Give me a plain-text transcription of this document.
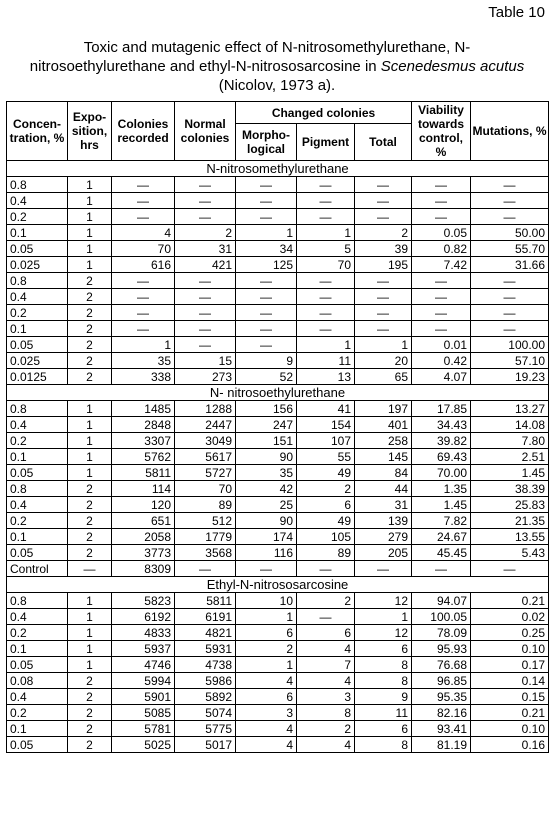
Table 10
Toxic and mutagenic effect of N-nitrosomethylurethane, N-
nitrosoethylurethane and ethyl-N-nitrososarcosine in Scenedesmus acutus
(Nicolov, 1973 a).
Concen- tration, %	Expo- sition, hrs	Colonies recorded	Normal colonies	Changed colonies			Viability towards control, %	Mutations, %
				Morpho- logical	Pigment	Total		
N-nitrosomethylurethane								
0.8	1	—	—	—	—	—	—	—
0.4	1	—	—	—	—	—	—	—
0.2	1	—	—	—	—	—	—	—
0.1	1	4	2	1	1	2	0.05	50.00
0.05	1	70	31	34	5	39	0.82	55.70
0.025	1	616	421	125	70	195	7.42	31.66
0.8	2	—	—	—	—	—	—	—
0.4	2	—	—	—	—	—	—	—
0.2	2	—	—	—	—	—	—	—
0.1	2	—	—	—	—	—	—	—
0.05	2	1	—	—	1	1	0.01	100.00
0.025	2	35	15	9	11	20	0.42	57.10
0.0125	2	338	273	52	13	65	4.07	19.23
N- nitrosoethylurethane								
0.8	1	1485	1288	156	41	197	17.85	13.27
0.4	1	2848	2447	247	154	401	34.43	14.08
0.2	1	3307	3049	151	107	258	39.82	7.80
0.1	1	5762	5617	90	55	145	69.43	2.51
0.05	1	5811	5727	35	49	84	70.00	1.45
0.8	2	114	70	42	2	44	1.35	38.39
0.4	2	120	89	25	6	31	1.45	25.83
0.2	2	651	512	90	49	139	7.82	21.35
0.1	2	2058	1779	174	105	279	24.67	13.55
0.05	2	3773	3568	116	89	205	45.45	5.43
Control	—	8309	—	—	—	—	—	—
Ethyl-N-nitrososarcosine								
0.8	1	5823	5811	10	2	12	94.07	0.21
0.4	1	6192	6191	1	—	1	100.05	0.02
0.2	1	4833	4821	6	6	12	78.09	0.25
0.1	1	5937	5931	2	4	6	95.93	0.10
0.05	1	4746	4738	1	7	8	76.68	0.17
0.08	2	5994	5986	4	4	8	96.85	0.14
0.4	2	5901	5892	6	3	9	95.35	0.15
0.2	2	5085	5074	3	8	11	82.16	0.21
0.1	2	5781	5775	4	2	6	93.41	0.10
0.05	2	5025	5017	4	4	8	81.19	0.16
